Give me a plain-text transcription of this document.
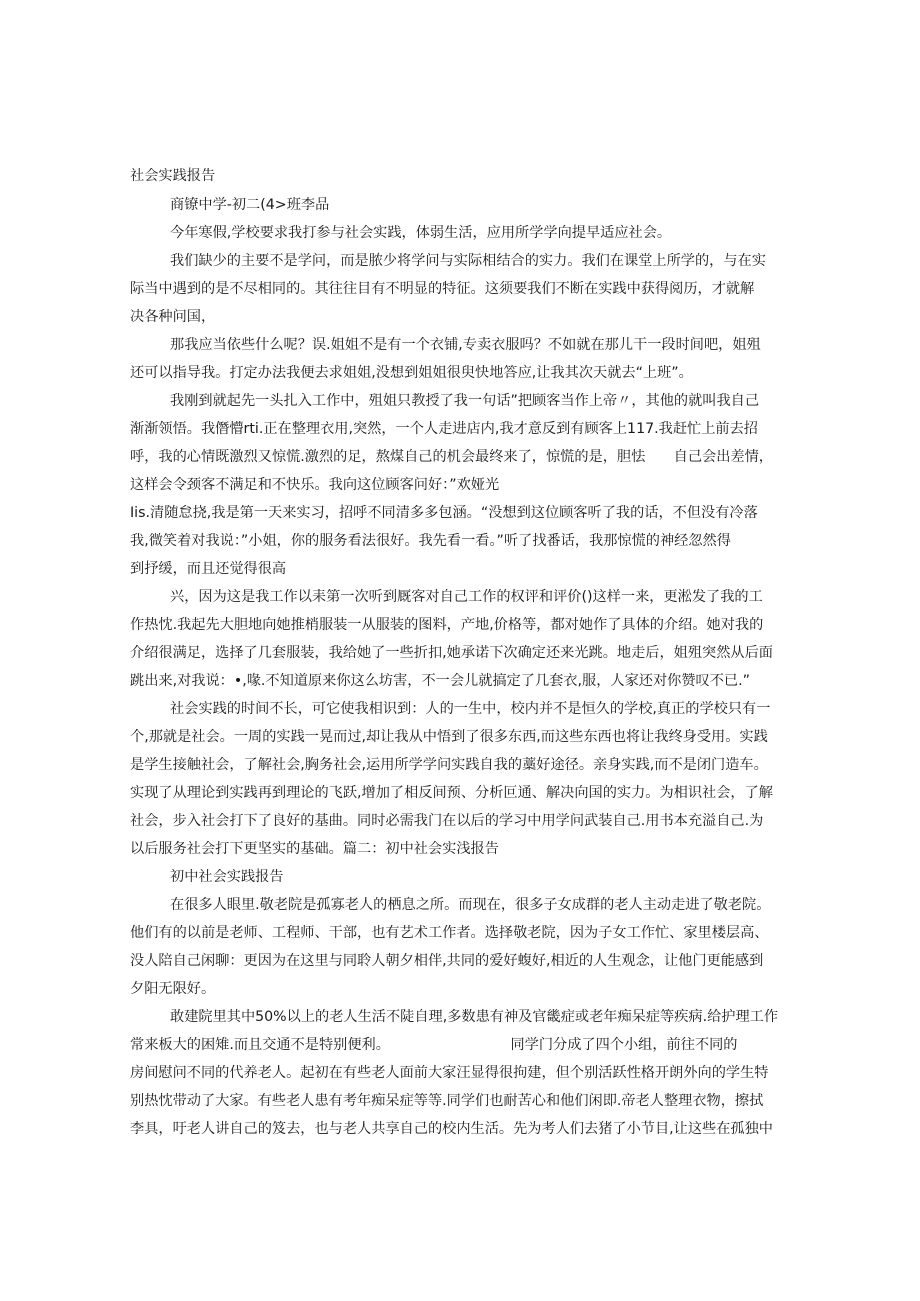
社会实践报告
商镣中学-初二(4>班李品
今年寒假,学校要求我打参与社会实践，体弱生活，应用所学学向提早适应社会。
我们缺少的主要不是学问，而是脓少将学问与实际相结合的实力。我们在课堂上所学的，与在实
际当中遇到的是不尽相同的。其往往目有不明显的特征。这须要我们不断在实践中获得阅历，才就解
决各种问国，
那我应当依些什么呢？误.姐姐不是有一个衣铺,专卖衣服吗？不如就在那儿干一段时间吧，姐殂
还可以指导我。打定办法我便去求姐姐,没想到姐姐很臾快地答应,让我其次天就去“上班”。
我刚到就起先一头扎入工作中，殂姐只教授了我一句话”把顾客当作上帝〃，其他的就叫我自己
渐渐领悟。我僭懵rti.正在整理衣用,突然，一个人走进店内,我才意反到有顾客上117.我赶忙上前去招
呼，我的心情既激烈又惊慌.激烈的足，熬煤自己的机会最终来了，惊慌的是，胆怯　　自己会出差情，
这样会令颈客不满足和不快乐。我向这位顾客问好：”欢娅光
Iis.清随怠挠,我是第一天来实习，招呼不同清多多包涵。“没想到这位顾客听了我的话，不但没有冷落
我,微笑着对我说：”小姐，你的服务看法很好。我先看一看。”听了找番话，我那惊慌的神经忽然得
到抒缓，而且还觉得很高
兴，因为这是我工作以耒第一次听到厩客对自己工作的权评和评价()这样一来，更淞发了我的工
作热忱.我起先大胆地向她推梢服装一从服装的图料，产地,价格等，都对她作了具体的介绍。她对我的
介绍很满足，选择了几套服装，我给她了一些折扣,她承诺下次确定还来光跳。地走后，姐殂突然从后面
跳出来,对我说：•,喙.不知道原来你这么坊害，不一会儿就搞定了几套衣,服，人家还对你赞叹不已.”
社会实践的时间不长，可它使我相识到：人的一生中，校内并不是恒久的学校,真正的学校只有一
个,那就是社会。一周的实践一晃而过,却让我从中悟到了很多东西,而这些东西也将让我终身受用。实践
是学生接触社会，了解社会,胸务社会,运用所学学问实践自我的藁好途径。亲身实践,而不是闭门造车。
实现了从理论到实践再到理论的飞跃,增加了相反间预、分析叵通、解决向国的实力。为相识社会，了解
社会，步入社会打下了良好的基曲。同时必需我门在以后的学习中用学问武装自己.用书本充溢自己.为
以后服务社会打下更坚实的基础。篇二：初中社会实浅报告
初中社会实践报告
在很多人眼里.敬老院是孤寡老人的栖息之所。而现在，很多子女成群的老人主动走进了敬老院。
他们有的以前是老师、工程师、干部，也有艺术工作者。选择敬老院，因为子女工作忙、家里楼层高、
没人陪自己闲聊：更因为在这里与同聆人朝夕相伴,共同的爱好蝮好,相近的人生观念，让他门更能感到
夕阳无限好。
敢建院里其中50%以上的老人生活不陡自理,多数患有神及官畿症或老年痴呆症等疾病.给护理工作
常来板大的困雉.而且交通不是特别便利。　　　　　　　　　同学门分成了四个小组，前往不同的
房间慰问不同的代养老人。起初在有些老人面前大家汪显得很拘建，但个别活跃性格开朗外向的学生特
别热忱带动了大家。有些老人患有考年痴呆症等等.同学们也耐苦心和他们闲即.帝老人整理衣物，擦拭
李具，吁老人讲自己的笈去，也与老人共享自己的校内生活。先为考人们去猪了小节目,让这些在孤独中
